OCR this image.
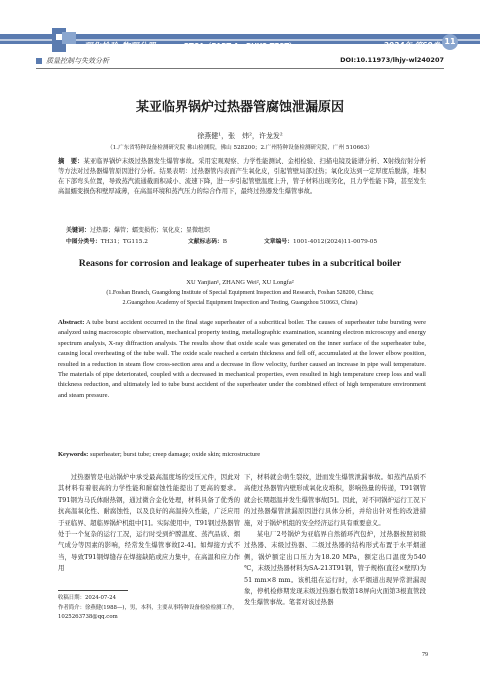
理化检验-物理分册	PTCA（PART A：PHYS.TEST）	2024年 第60卷 11
质量控制与失效分析	DOI:10.11973/lhjy-wl240207
某亚临界锅炉过热器管腐蚀泄漏原因
徐燕健¹，张　炜²，许龙发²
（1.广东省特种设备检测研究院 佛山检测院，佛山 528200；2.广州特种设备检测研究院，广州 510663）
摘　要：某亚临界锅炉末级过热器发生爆管事故。采用宏观观察、力学性能测试、金相检验、扫描电镜及能谱分析、X射线衍射分析等方法对过热器爆管原因进行分析。结果表明：过热器管内表面产生氧化皮，引起管壁局部过热；氧化皮达到一定厚度后脱落，堆积在下部弯头位置，导致蒸汽流通截面积减小、流速下降，进一步引起管壁温度上升，管子材料出现劣化，且力学性能下降，甚至发生高温蠕变损伤和壁厚减薄，在高温环境和蒸汽压力的综合作用下，最终过热器发生爆管事故。
关键词：过热器；爆管；蠕变损伤；氧化皮；显微组织
中图分类号：TH31；TG115.2	文献标志码：B	文章编号：1001-4012(2024)11-0079-05
Reasons for corrosion and leakage of superheater tubes in a subcritical boiler
XU Yanjian¹, ZHANG Wei², XU Longfa²
(1.Foshan Branch, Guangdong Institute of Special Equipment Inspection and Research, Foshan 528200, China;
2.Guangzhou Academy of Special Equipment Inspection and Testing, Guangzhou 510663, China)
Abstract: A tube burst accident occurred in the final stage superheater of a subcritical boiler. The causes of superheater tube bursting were analyzed using macroscopic observation, mechanical property testing, metallographic examination, scanning electron microscopy and energy spectrum analysis, X-ray diffraction analysis. The results show that oxide scale was generated on the inner surface of the superheater tube, causing local overheating of the tube wall. The oxide scale reached a certain thickness and fell off, accumulated at the lower elbow position, resulted in a reduction in steam flow cross-section area and a decrease in flow velocity, further caused an increase in pipe wall temperature. The materials of pipe deteriorated, coupled with a decreased in mechanical properties, even resulted in high temperature creep loss and wall thickness reduction, and ultimately led to tube burst accident of the superheater under the combined effect of high temperature environment and steam pressure.
Keywords: superheater; burst tube; creep damage; oxide skin; microstructure

过热器管是电站锅炉中承受最高温度场的受压元件，因此对其材料有着很高的力学性能和耐腐蚀性能提出了更高的要求。T91钢为马氏体耐热钢，通过微合金化处理，材料具备了优秀的抗高温氧化性、耐腐蚀性，以及良好的高温持久性能，广泛应用于亚临界、超临界锅炉机组中[1]。实际使用中，T91钢过热器管处于一个复杂的运行工况，运行时受到炉膛温度、蒸汽品质、烟气成分等因素的影响，经常发生爆管事故[2-4]。如焊接方式不当，导致T91钢焊缝存在焊接缺陷或应力集中，在高温和应力作用

下，材料就会萌生裂纹，进而发生爆管泄漏事故。如蒸汽品质不高使过热器管内壁形成氧化皮堆积，影响热量的传递，T91钢管就会长期超温并发生爆管事故[5]。因此，对不同锅炉运行工况下的过热器爆管泄漏原因进行具体分析，并给出针对性的改进措施，对于锅炉机组的安全经济运行具有重要意义。

某电厂2号锅炉为亚临界自然循环汽包炉，过热器按照初级过热器、末级过热器、二级过热器的结构形式布置于水平烟道侧，锅炉额定出口压力为18.20 MPa，额定出口温度为540 ℃，末级过热器材料为SA-213T91钢，管子规格(直径×壁厚)为51 mm×8 mm。该机组在运行时，水平烟道出现异常泄漏现象，停机检修期发现末级过热器右数第18屏向火面第3根直管段发生爆管事故。笔者对该过热器

收稿日期：2024-07-24
作者简介：徐燕健(1988—)，男，本科，主要从事特种设备检验检测工作，1025263738@qq.com
79
